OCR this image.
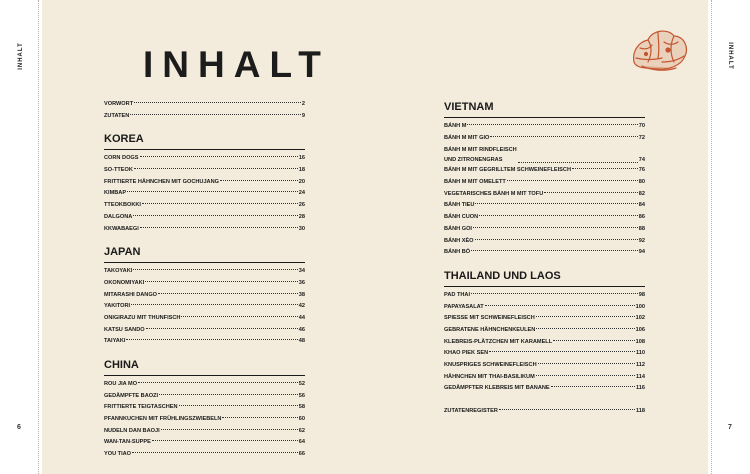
INHALT	INHALT
6	7
INHALT
VORWORT	2
ZUTATEN	9
KOREA
CORN DOGS	16
SO-TTEOK	18
FRITTIERTE HÄHNCHEN MIT GOCHUJANG	20
KIMBAP	24
TTEOKBOKKI	26
DALGONA	28
KKWABAEGI	30
JAPAN
TAKOYAKI	34
OKONOMIYAKI	36
MITARASHI DANGO	38
YAKITORI	42
ONIGIRAZU MIT THUNFISCH	44
KATSU SANDO	46
TAIYAKI	48
CHINA
ROU JIA MO	52
GEDÄMPFTE BAOZI	56
FRITTIERTE TEIGTASCHEN	58
PFANNKUCHEN MIT FRÜHLINGSZWIEBELN	60
NUDELN DAN BAOJI	62
WAN-TAN-SUPPE	64
YOU TIAO	66
VIETNAM
BÁNH M	70
BÁNH M MIT GIO	72
BÁNH M MIT RINDFLEISCH
UND ZITRONENGRAS	74
BÁNH M MIT GEGRILLTEM SCHWEINEFLEISCH	76
BÁNH M MIT OMELETT	80
VEGETARISCHES BÁNH M MIT TOFU	82
BÁNH TIEU	84
BÁNH CUON	86
BÁNH GOI	88
BÁNH XÈO	92
BÁNH BÒ	94
THAILAND UND LAOS
PAD THAI	98
PAPAYASALAT	100
SPIESSE MIT SCHWEINEFLEISCH	102
GEBRATENE HÄHNCHENKEULEN	106
KLEBREIS-PLÄTZCHEN MIT KARAMELL	108
KHAO PIEK SEN	110
KNUSPRIGES SCHWEINEFLEISCH	112
HÄHNCHEN MIT THAI-BASILIKUM	114
GEDÄMPFTER KLEBREIS MIT BANANE	116
ZUTATENREGISTER	118
